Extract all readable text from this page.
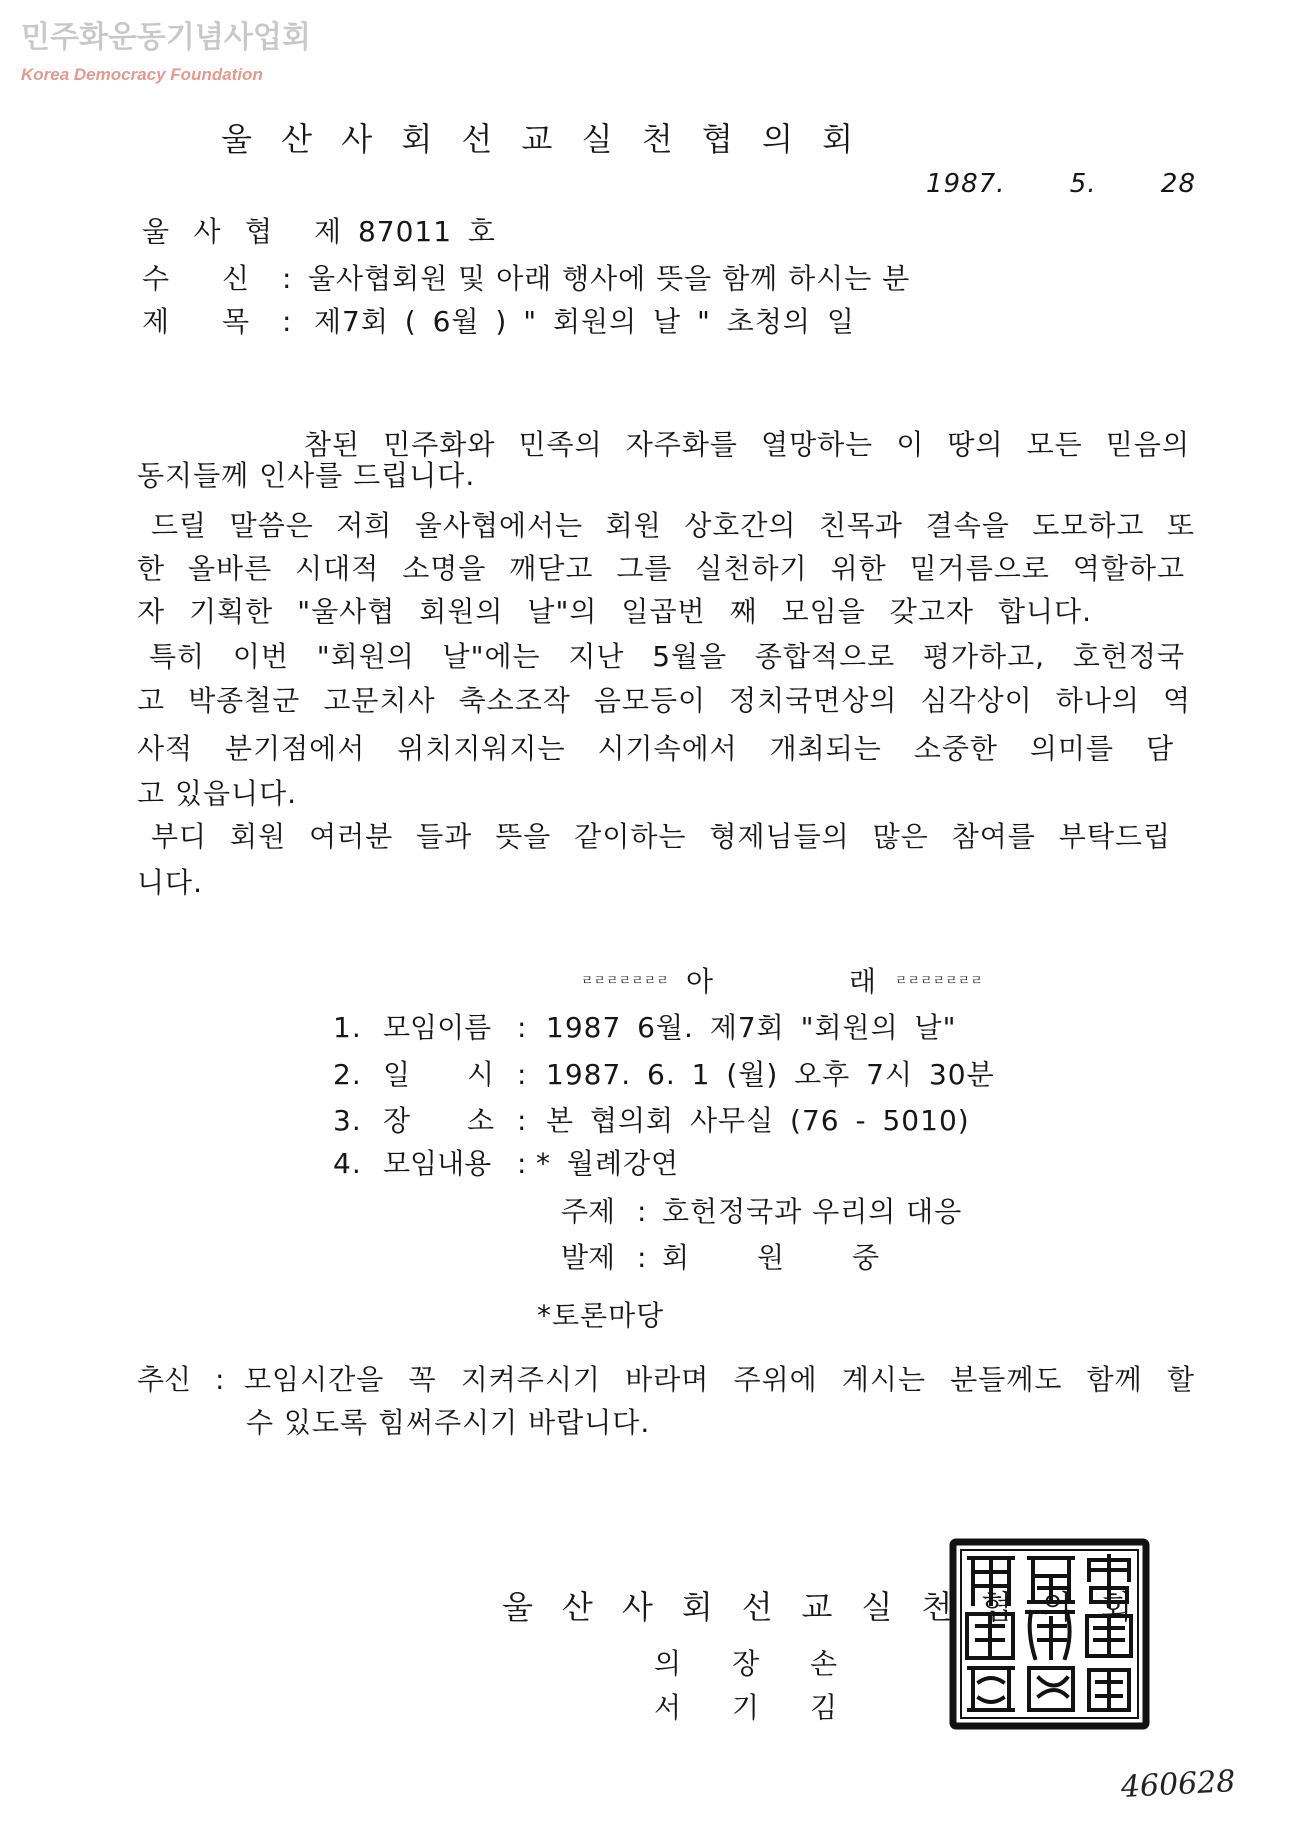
민주화운동기념사업회
Korea Democracy Foundation
울 산 사 회 선 교 실 천 협 의 회
1987. 5. 28
울 사 협 제 87011 호
수 신 : 울사협회원 및 아래 행사에 뜻을 함께 하시는 분
제 목 : 제7회 ( 6월 ) " 회원의 날 " 초청의 일
참된 민주화와 민족의 자주화를 열망하는 이 땅의 모든 믿음의
동지들께 인사를 드립니다.
드릴 말씀은 저희 울사협에서는 회원 상호간의 친목과 결속을 도모하고 또
한 올바른 시대적 소명을 깨닫고 그를 실천하기 위한 밑거름으로 역할하고
자 기획한 "울사협 회원의 날"의 일곱번 째 모임을 갖고자 합니다.
특히 이번 "회원의 날"에는 지난 5월을 종합적으로 평가하고, 호헌정국
고 박종철군 고문치사 축소조작 음모등이 정치국면상의 심각상이 하나의 역
사적 분기점에서 위치지워지는 시기속에서 개최되는 소중한 의미를 담
고 있읍니다.
부디 회원 여러분 들과 뜻을 같이하는 형제님들의 많은 참여를 부탁드립
니다.
ㄹㄹㄹㄹㄹㄹㄹ 아 래 ㄹㄹㄹㄹㄹㄹㄹ
1. 모임이름 : 1987 6월. 제7회 "회원의 날"
2. 일 시 : 1987. 6. 1 (월) 오후 7시 30분
3. 장 소 : 본 협의회 사무실 (76 - 5010)
4. 모임내용 : * 월례강연
주제 : 호헌정국과 우리의 대응
발제 : 회 원 중
*토론마당
추신 : 모임시간을 꼭 지켜주시기 바라며 주위에 계시는 분들께도 함께 할
수 있도록 힘써주시기 바랍니다.
울 산 사 회 선 교 실 천 협 의 회
의 장 손
서 기 김
460628
